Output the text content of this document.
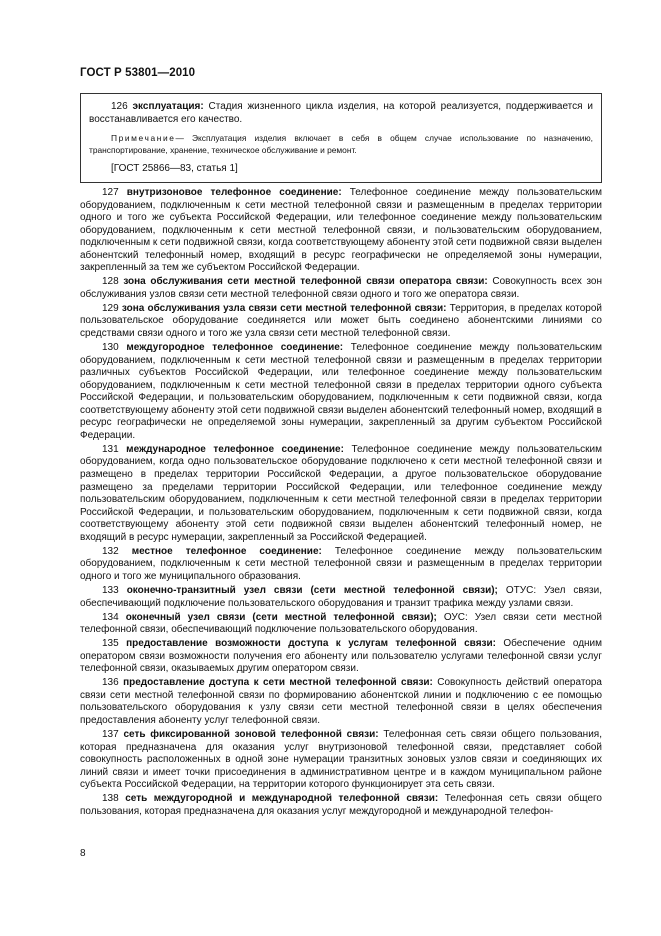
ГОСТ Р 53801—2010

126 эксплуатация: Стадия жизненного цикла изделия, на которой реализуется, поддерживается и восстанавливается его качество.

Примечание— Эксплуатация изделия включает в себя в общем случае использование по назначению, транспортирование, хранение, техническое обслуживание и ремонт.

[ГОСТ 25866—83, статья 1]

127 внутризоновое телефонное соединение: Телефонное соединение между пользовательским оборудованием, подключенным к сети местной телефонной связи и размещенным в пределах территории одного и того же субъекта Российской Федерации, или телефонное соединение между пользовательским оборудованием, подключенным к сети местной телефонной связи, и пользовательским оборудованием, подключенным к сети подвижной связи, когда соответствующему абоненту этой сети подвижной связи выделен абонентский телефонный номер, входящий в ресурс географически не определяемой зоны нумерации, закрепленный за тем же субъектом Российской Федерации.

128 зона обслуживания сети местной телефонной связи оператора связи: Совокупность всех зон обслуживания узлов связи сети местной телефонной связи одного и того же оператора связи.

129 зона обслуживания узла связи сети местной телефонной связи: Территория, в пределах которой пользовательское оборудование соединяется или может быть соединено абонентскими линиями со средствами связи одного и того же узла связи сети местной телефонной связи.

130 междугородное телефонное соединение: Телефонное соединение между пользовательским оборудованием, подключенным к сети местной телефонной связи и размещенным в пределах территории различных субъектов Российской Федерации, или телефонное соединение между пользовательским оборудованием, подключенным к сети местной телефонной связи в пределах территории одного субъекта Российской Федерации, и пользовательским оборудованием, подключенным к сети подвижной связи, когда соответствующему абоненту этой сети подвижной связи выделен абонентский телефонный номер, входящий в ресурс географически не определяемой зоны нумерации, закрепленный за другим субъектом Российской Федерации.

131 международное телефонное соединение: Телефонное соединение между пользовательским оборудованием, когда одно пользовательское оборудование подключено к сети местной телефонной связи и размещено в пределах территории Российской Федерации, а другое пользовательское оборудование размещено за пределами территории Российской Федерации, или телефонное соединение между пользовательским оборудованием, подключенным к сети местной телефонной связи в пределах территории Российской Федерации, и пользовательским оборудованием, подключенным к сети подвижной связи, когда соответствующему абоненту этой сети подвижной связи выделен абонентский телефонный номер, не входящий в ресурс нумерации, закрепленный за Российской Федерацией.

132 местное телефонное соединение: Телефонное соединение между пользовательским оборудованием, подключенным к сети местной телефонной связи и размещенным в пределах территории одного и того же муниципального образования.

133 оконечно-транзитный узел связи (сети местной телефонной связи); ОТУС: Узел связи, обеспечивающий подключение пользовательского оборудования и транзит трафика между узлами связи.

134 оконечный узел связи (сети местной телефонной связи); ОУС: Узел связи сети местной телефонной связи, обеспечивающий подключение пользовательского оборудования.

135 предоставление возможности доступа к услугам телефонной связи: Обеспечение одним оператором связи возможности получения его абоненту или пользователю услугами телефонной связи услуг телефонной связи, оказываемых другим оператором связи.

136 предоставление доступа к сети местной телефонной связи: Совокупность действий оператора связи сети местной телефонной связи по формированию абонентской линии и подключению с ее помощью пользовательского оборудования к узлу связи сети местной телефонной связи в целях обеспечения предоставления абоненту услуг телефонной связи.

137 сеть фиксированной зоновой телефонной связи: Телефонная сеть связи общего пользования, которая предназначена для оказания услуг внутризоновой телефонной связи, представляет собой совокупность расположенных в одной зоне нумерации транзитных зоновых узлов связи и соединяющих их линий связи и имеет точки присоединения в административном центре и в каждом муниципальном районе субъекта Российской Федерации, на территории которого функционирует эта сеть связи.

138 сеть междугородной и международной телефонной связи: Телефонная сеть связи общего пользования, которая предназначена для оказания услуг междугородной и международной телефон-

8
